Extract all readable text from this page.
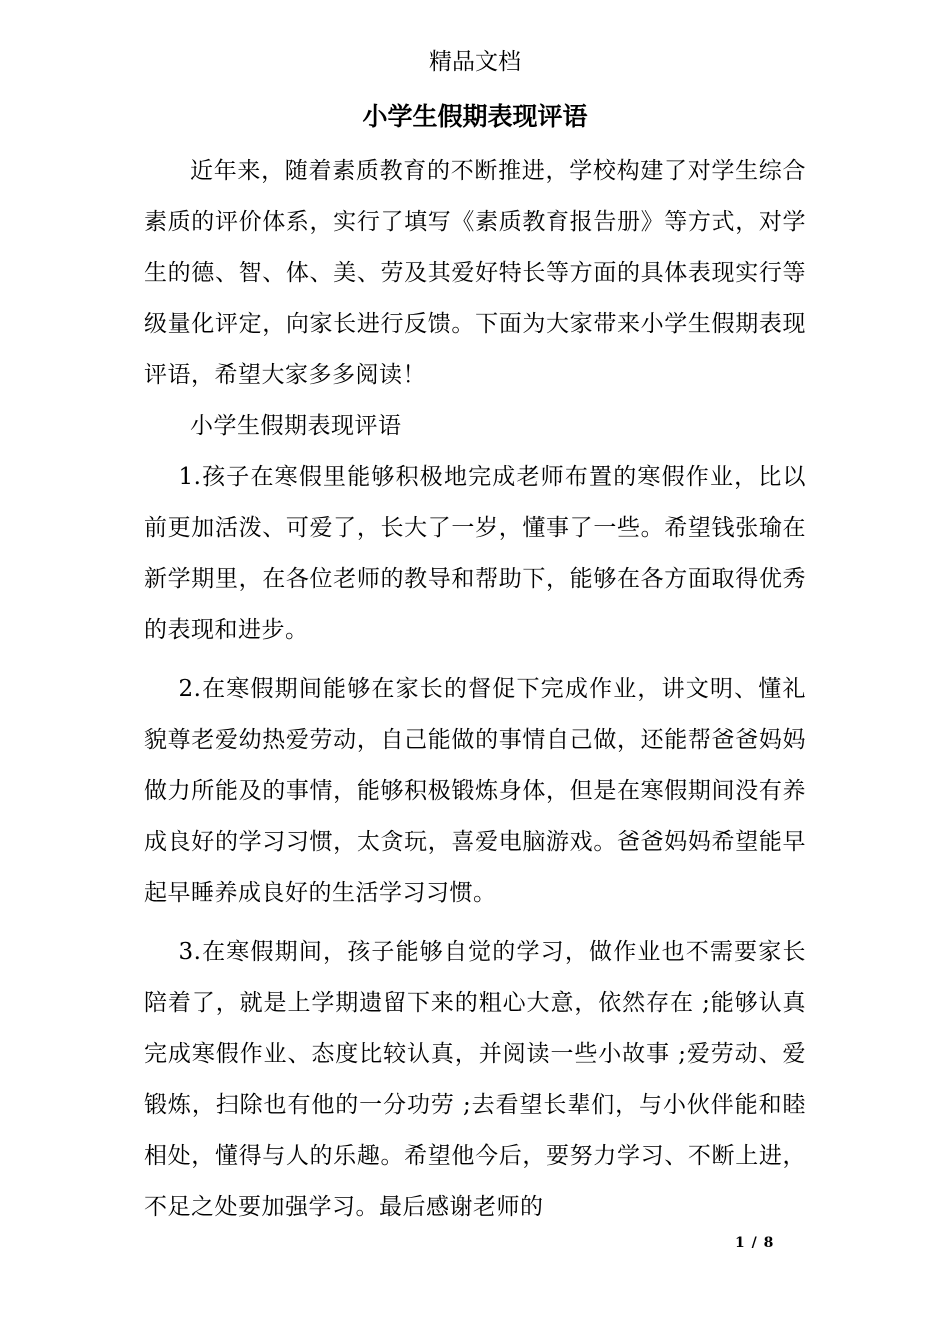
精品文档
小学生假期表现评语

近年来，随着素质教育的不断推进，学校构建了对学生综合素质的评价体系，实行了填写《素质教育报告册》等方式，对学生的德、智、体、美、劳及其爱好特长等方面的具体表现实行等级量化评定，向家长进行反馈。下面为大家带来小学生假期表现评语，希望大家多多阅读！

小学生假期表现评语

1.孩子在寒假里能够积极地完成老师布置的寒假作业，比以前更加活泼、可爱了，长大了一岁，懂事了一些。希望钱张瑜在新学期里，在各位老师的教导和帮助下，能够在各方面取得优秀的表现和进步。

2.在寒假期间能够在家长的督促下完成作业，讲文明、懂礼貌尊老爱幼热爱劳动，自己能做的事情自己做，还能帮爸爸妈妈做力所能及的事情，能够积极锻炼身体，但是在寒假期间没有养成良好的学习习惯，太贪玩，喜爱电脑游戏。爸爸妈妈希望能早起早睡养成良好的生活学习习惯。

3.在寒假期间，孩子能够自觉的学习，做作业也不需要家长陪着了，就是上学期遗留下来的粗心大意，依然存在 ;能够认真完成寒假作业、态度比较认真，并阅读一些小故事 ;爱劳动、爱锻炼，扫除也有他的一分功劳 ;去看望长辈们，与小伙伴能和睦相处，懂得与人的乐趣。希望他今后，要努力学习、不断上进，不足之处要加强学习。最后感谢老师的

1 / 8
